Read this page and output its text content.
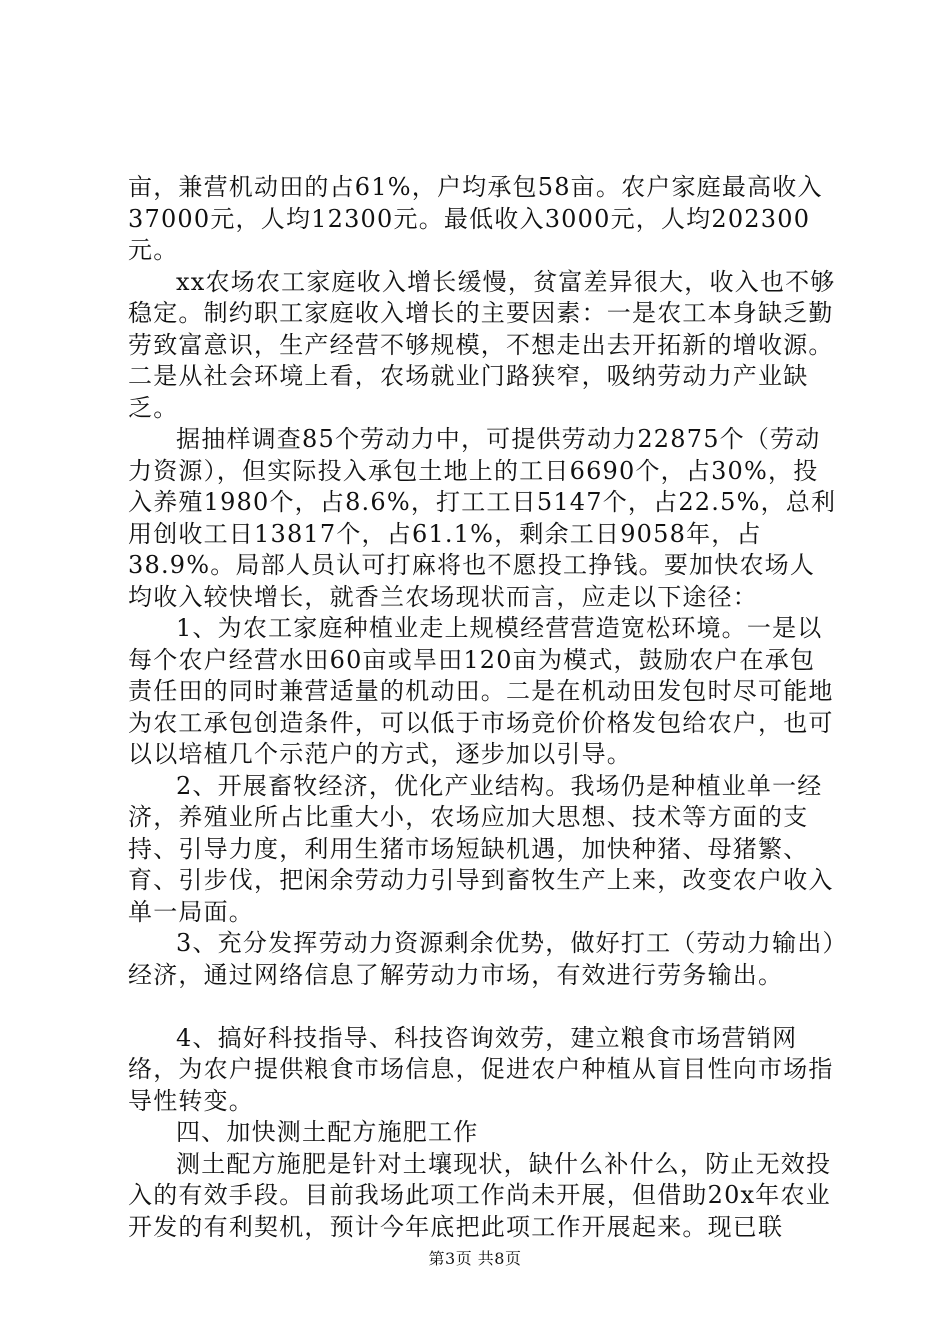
亩，兼营机动田的占61%，户均承包58亩。农户家庭最高收入37000元，人均12300元。最低收入3000元，人均202300元。

xx农场农工家庭收入增长缓慢，贫富差异很大，收入也不够稳定。制约职工家庭收入增长的主要因素：一是农工本身缺乏勤劳致富意识，生产经营不够规模，不想走出去开拓新的增收源。二是从社会环境上看，农场就业门路狭窄，吸纳劳动力产业缺乏。

据抽样调查85个劳动力中，可提供劳动力22875个（劳动力资源），但实际投入承包土地上的工日6690个，占30%，投入养殖1980个，占8.6%，打工工日5147个，占22.5%，总利用创收工日13817个，占61.1%，剩余工日9058年，占38.9%。局部人员认可打麻将也不愿投工挣钱。要加快农场人均收入较快增长，就香兰农场现状而言，应走以下途径：

1、为农工家庭种植业走上规模经营营造宽松环境。一是以每个农户经营水田60亩或旱田120亩为模式，鼓励农户在承包责任田的同时兼营适量的机动田。二是在机动田发包时尽可能地为农工承包创造条件，可以低于市场竞价价格发包给农户，也可以以培植几个示范户的方式，逐步加以引导。

2、开展畜牧经济，优化产业结构。我场仍是种植业单一经济，养殖业所占比重大小，农场应加大思想、技术等方面的支持、引导力度，利用生猪市场短缺机遇，加快种猪、母猪繁、育、引步伐，把闲余劳动力引导到畜牧生产上来，改变农户收入单一局面。

3、充分发挥劳动力资源剩余优势，做好打工（劳动力输出）经济，通过网络信息了解劳动力市场，有效进行劳务输出。

4、搞好科技指导、科技咨询效劳，建立粮食市场营销网络，为农户提供粮食市场信息，促进农户种植从盲目性向市场指导性转变。

四、加快测土配方施肥工作

测土配方施肥是针对土壤现状，缺什么补什么，防止无效投入的有效手段。目前我场此项工作尚未开展，但借助20x年农业开发的有利契机，预计今年底把此项工作开展起来。现已联

第3页 共8页
